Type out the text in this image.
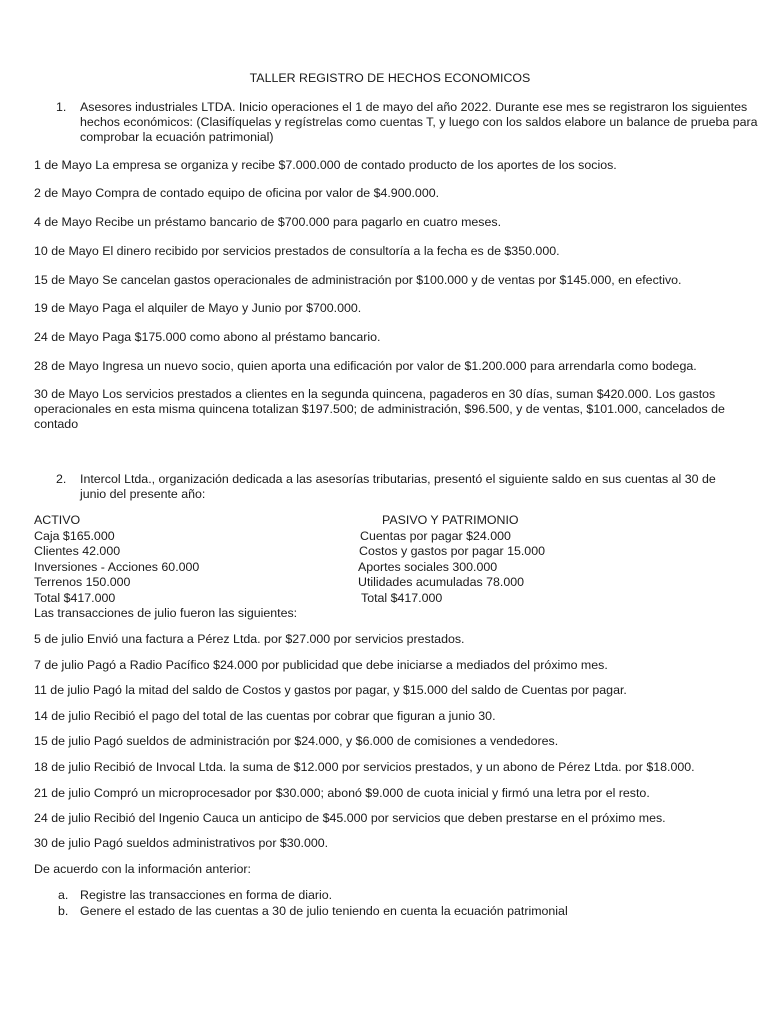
TALLER REGISTRO DE HECHOS ECONOMICOS
1. Asesores industriales LTDA. Inicio operaciones el 1 de mayo del año 2022. Durante ese mes se registraron los siguientes hechos económicos: (Clasifíquelas y regístrelas como cuentas T, y luego con los saldos elabore un balance de prueba para comprobar la ecuación patrimonial)
1 de Mayo La empresa se organiza y recibe $7.000.000 de contado producto de los aportes de los socios.
2 de Mayo Compra de contado equipo de oficina por valor de $4.900.000.
4 de Mayo Recibe un préstamo bancario de $700.000 para pagarlo en cuatro meses.
10 de Mayo El dinero recibido por servicios prestados de consultoría a la fecha es de $350.000.
15 de Mayo Se cancelan gastos operacionales de administración por $100.000 y de ventas por $145.000, en efectivo.
19 de Mayo Paga el alquiler de Mayo y Junio por $700.000.
24 de Mayo Paga $175.000 como abono al préstamo bancario.
28 de Mayo Ingresa un nuevo socio, quien aporta una edificación por valor de $1.200.000 para arrendarla como bodega.
30 de Mayo Los servicios prestados a clientes en la segunda quincena, pagaderos en 30 días, suman $420.000. Los gastos operacionales en esta misma quincena totalizan $197.500; de administración, $96.500, y de ventas, $101.000, cancelados de contado
2. Intercol Ltda., organización dedicada a las asesorías tributarias, presentó el siguiente saldo en sus cuentas al 30 de junio del presente año:
ACTIVO
Caja $165.000
Clientes 42.000
Inversiones - Acciones 60.000
Terrenos 150.000
Total $417.000
Las transacciones de julio fueron las siguientes:
PASIVO Y PATRIMONIO
Cuentas por pagar $24.000
Costos y gastos por pagar 15.000
Aportes sociales 300.000
Utilidades acumuladas 78.000
Total $417.000
5 de julio Envió una factura a Pérez Ltda. por $27.000 por servicios prestados.
7 de julio Pagó a Radio Pacífico $24.000 por publicidad que debe iniciarse a mediados del próximo mes.
11 de julio Pagó la mitad del saldo de Costos y gastos por pagar, y $15.000 del saldo de Cuentas por pagar.
14 de julio Recibió el pago del total de las cuentas por cobrar que figuran a junio 30.
15 de julio Pagó sueldos de administración por $24.000, y $6.000 de comisiones a vendedores.
18 de julio Recibió de Invocal Ltda. la suma de $12.000 por servicios prestados, y un abono de Pérez Ltda. por $18.000.
21 de julio Compró un microprocesador por $30.000; abonó $9.000 de cuota inicial y firmó una letra por el resto.
24 de julio Recibió del Ingenio Cauca un anticipo de $45.000 por servicios que deben prestarse en el próximo mes.
30 de julio Pagó sueldos administrativos por $30.000.
De acuerdo con la información anterior:
a. Registre las transacciones en forma de diario.
b. Genere el estado de las cuentas a 30 de julio teniendo en cuenta la ecuación patrimonial
